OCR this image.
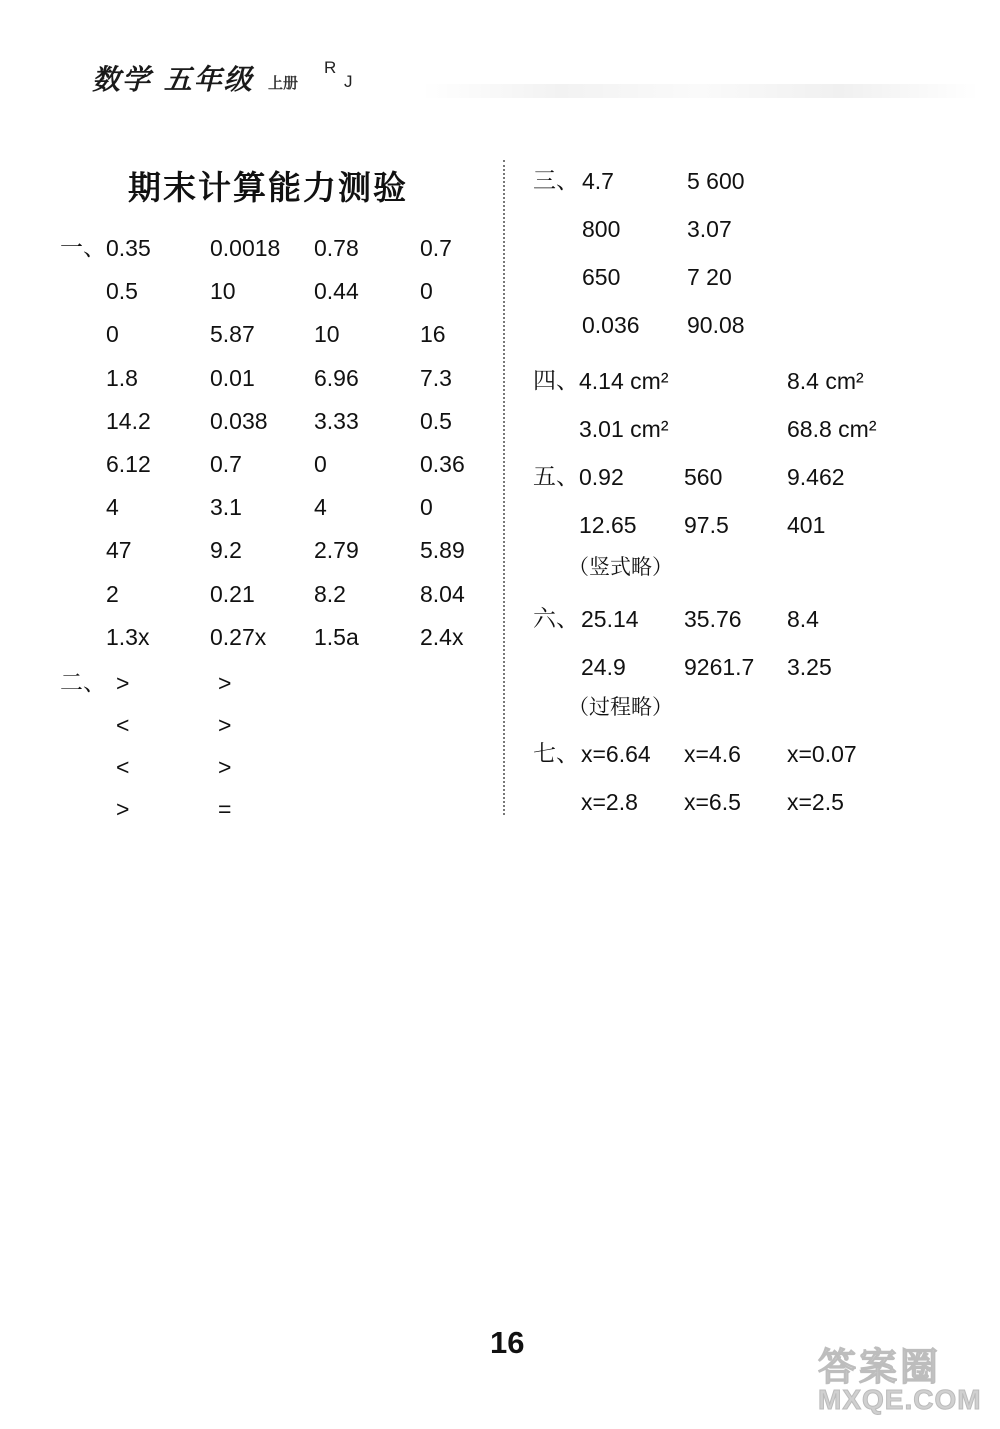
数学 五年级 上册
R
J
期末计算能力测验
一、 0.35	0.0018 0.78	0.7
0.5	10	0.44	0
0	5.87	10	16
1.8	0.01	6.96	7.3
14.2	0.038 3.33	0.5
6.12	0.7	0	0.36
4	3.1	4	0
47	9.2	2.79	5.89
2	0.21	8.2	8.04
1.3x	0.27x 1.5a	2.4x
二、 >	>
<	>
<	>
>	=
三、 4.7	5 600
800	3.07
650	7 20
0.036 90.08
四、 4.14 cm²	8.4 cm²
3.01 cm²	68.8 cm²
五、 0.92	560	9.462
12.65 97.5	401
（竖式略）
六、 25.14 35.76 8.4
24.9	9261.7 3.25
（过程略）
七、 x=6.64 x=4.6 x=0.07
x=2.8 x=6.5 x=2.5
16
答案圈
MXQE.COM
